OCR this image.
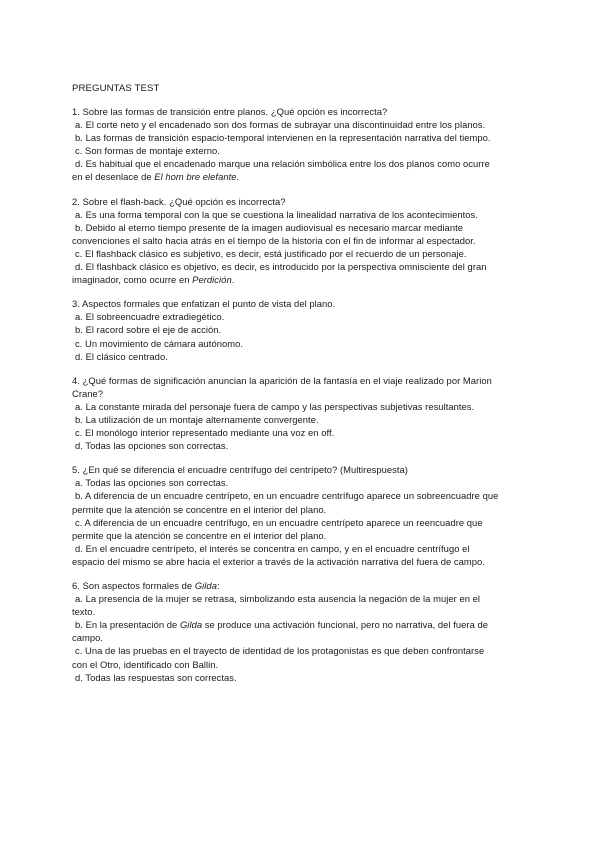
PREGUNTAS TEST

1. Sobre las formas de transición entre planos. ¿Qué opción es incorrecta?

a. El corte neto y el encadenado son dos formas de subrayar una discontinuidad entre los planos.

b. Las formas de transición espacio-temporal intervienen en la representación narrativa del tiempo.

c. Son formas de montaje externo.

d. Es habitual que el encadenado marque una relación simbólica entre los dos planos como ocurre

en el desenlace de El hom bre elefante.

2. Sobre el flash-back. ¿Qué opción es incorrecta?

a. Es una forma temporal con la que se cuestiona la linealidad narrativa de los acontecimientos.

b. Debido al eterno tiempo presente de la imagen audiovisual es necesario marcar mediante

convenciones el salto hacia atrás en el tiempo de la historia con el fin de informar al espectador.

c. El flashback clásico es subjetivo, es decir, está justificado por el recuerdo de un personaje.

d. El flashback clásico es objetivo, es decir, es introducido por la perspectiva omnisciente del gran

imaginador, como ocurre en Perdición.

3. Aspectos formales que enfatizan el punto de vista del plano.

a. El sobreencuadre extradiegético.

b. El racord sobre el eje de acción.

c. Un movimiento de cámara autónomo.

d. El clásico centrado.

4. ¿Qué formas de significación anuncian la aparición de la fantasía en el viaje realizado por Marion

Crane?

a. La constante mirada del personaje fuera de campo y las perspectivas subjetivas resultantes.

b. La utilización de un montaje alternamente convergente.

c. El monólogo interior representado mediante una voz en off.

d. Todas las opciones son correctas.

5. ¿En qué se diferencia el encuadre centrífugo del centrípeto? (Multirespuesta)

a. Todas las opciones son correctas.

b. A diferencia de un encuadre centrípeto, en un encuadre centrífugo aparece un sobreencuadre que

permite que la atención se concentre en el interior del plano.

c. A diferencia de un encuadre centrífugo, en un encuadre centrípeto aparece un reencuadre que

permite que la atención se concentre en el interior del plano.

d. En el encuadre centrípeto, el interés se concentra en campo, y en el encuadre centrífugo el

espacio del mismo se abre hacia el exterior a través de la activación narrativa del fuera de campo.

6. Son aspectos formales de Gilda:

a. La presencia de la mujer se retrasa, simbolizando esta ausencia la negación de la mujer en el

texto.

b. En la presentación de Gilda se produce una activación funcional, pero no narrativa, del fuera de

campo.

c. Una de las pruebas en el trayecto de identidad de los protagonistas es que deben confrontarse

con el Otro, identificado con Ballin.

d. Todas las respuestas son correctas.
